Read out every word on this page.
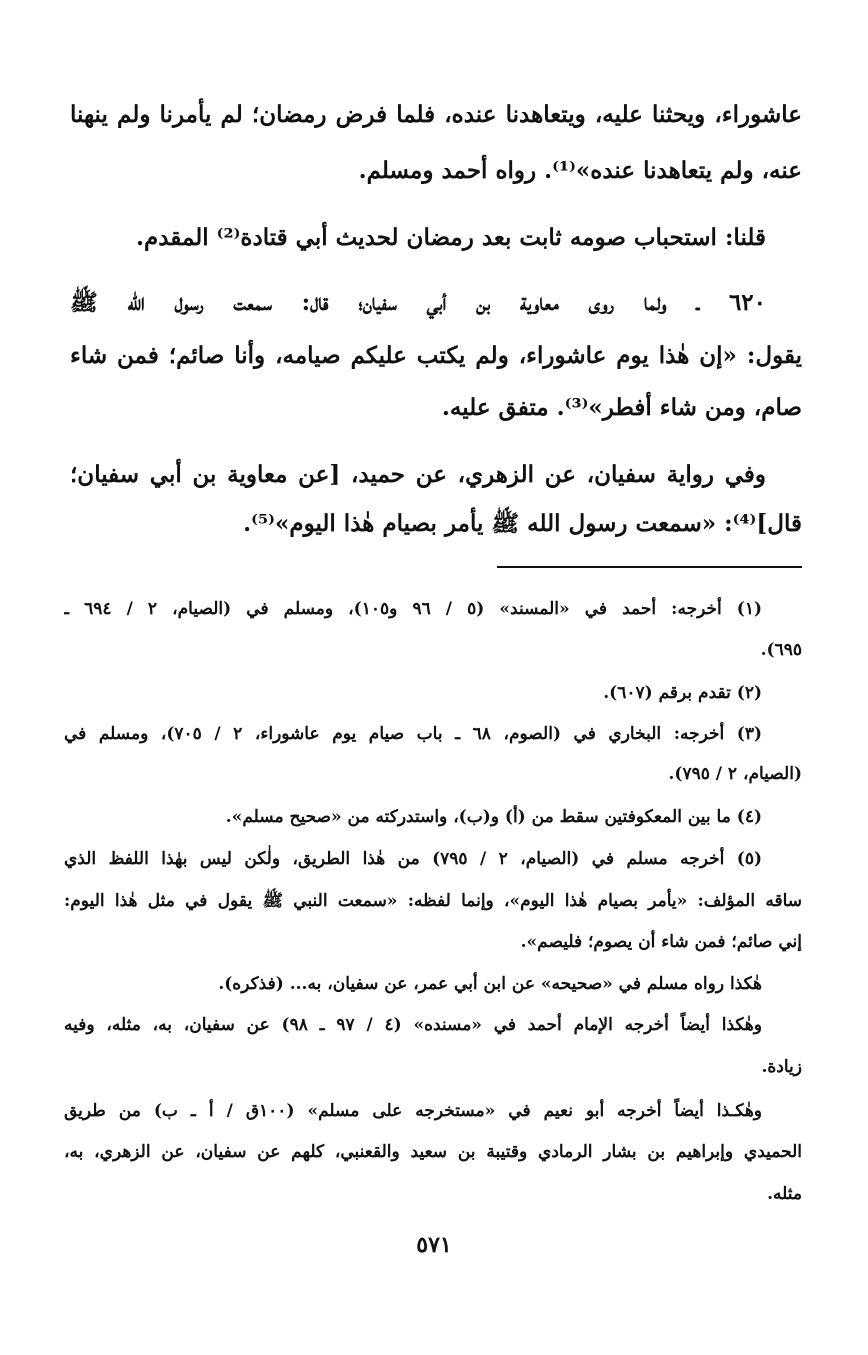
عاشوراء، ويحثنا عليه، ويتعاهدنا عنده، فلما فرض رمضان؛ لم يأمرنا ولم ينهنا
عنه، ولم يتعاهدنا عنده»⁽¹⁾. رواه أحمد ومسلم.
قلنا: استحباب صومه ثابت بعد رمضان لحديث أبي قتادة⁽²⁾ المقدم.
٦٢٠ ـ ولما روى معاوية بن أبي سفيان؛ قال: سمعت رسول الله ﷺ
يقول: «إن هٰذا يوم عاشوراء، ولم يكتب عليكم صيامه، وأنا صائم؛ فمن شاء
صام، ومن شاء أفطر»⁽³⁾. متفق عليه.
وفي رواية سفيان، عن الزهري، عن حميد، [عن معاوية بن أبي سفيان؛
قال]⁽⁴⁾: «سمعت رسول الله ﷺ يأمر بصيام هٰذا اليوم»⁽⁵⁾.
(١) أخرجه: أحمد في «المسند» (٥ / ٩٦ و١٠٥)، ومسلم في (الصيام، ٢ / ٦٩٤ ـ
٦٩٥).
(٢) تقدم برقم (٦٠٧).
(٣) أخرجه: البخاري في (الصوم، ٦٨ ـ باب صيام يوم عاشوراء، ٢ / ٧٠٥)، ومسلم في
(الصيام، ٢ / ٧٩٥).
(٤) ما بين المعكوفتين سقط من (أ) و(ب)، واستدركته من «صحيح مسلم».
(٥) أخرجه مسلم في (الصيام، ٢ / ٧٩٥) من هٰذا الطريق، ولٰكن ليس بهٰذا اللفظ الذي
ساقه المؤلف: «يأمر بصيام هٰذا اليوم»، وإنما لفظه: «سمعت النبي ﷺ يقول في مثل هٰذا اليوم:
إني صائم؛ فمن شاء أن يصوم؛ فليصم».
هٰكذا رواه مسلم في «صحيحه» عن ابن أبي عمر، عن سفيان، به... (فذكره).
وهٰكذا أيضاً أخرجه الإمام أحمد في «مسنده» (٤ / ٩٧ ـ ٩٨) عن سفيان، به، مثله، وفيه
زيادة.
وهٰكـذا أيضاً أخرجه أبو نعيم في «مستخرجه على مسلم» (١٠٠ق / أ ـ ب) من طريق
الحميدي وإبراهيم بن بشار الرمادي وقتيبة بن سعيد والقعنبي، كلهم عن سفيان، عن الزهري، به،
مثله.
٥٧١
